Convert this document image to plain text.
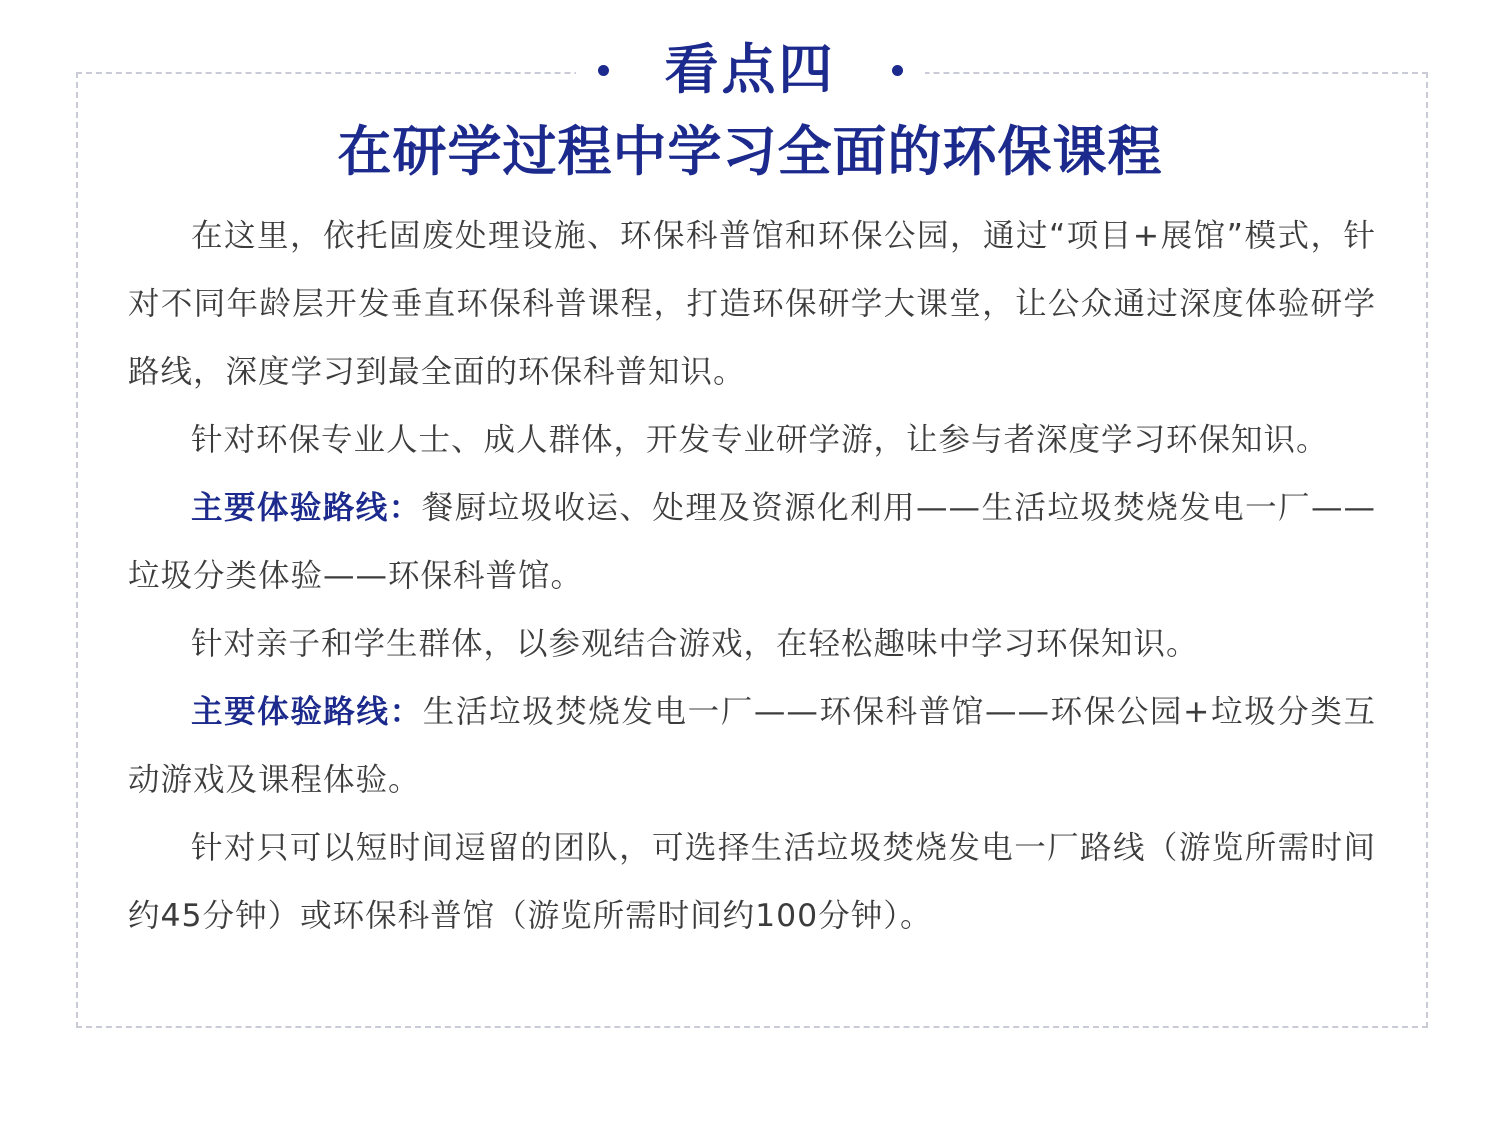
看点四
在研学过程中学习全面的环保课程

在这里，依托固废处理设施、环保科普馆和环保公园，通过“项目+展馆”模式，针对不同年龄层开发垂直环保科普课程，打造环保研学大课堂，让公众通过深度体验研学路线，深度学习到最全面的环保科普知识。

针对环保专业人士、成人群体，开发专业研学游，让参与者深度学习环保知识。

主要体验路线：餐厨垃圾收运、处理及资源化利用——生活垃圾焚烧发电一厂——垃圾分类体验——环保科普馆。

针对亲子和学生群体，以参观结合游戏，在轻松趣味中学习环保知识。

主要体验路线：生活垃圾焚烧发电一厂——环保科普馆——环保公园+垃圾分类互动游戏及课程体验。

针对只可以短时间逗留的团队，可选择生活垃圾焚烧发电一厂路线（游览所需时间约45分钟）或环保科普馆（游览所需时间约100分钟）。
